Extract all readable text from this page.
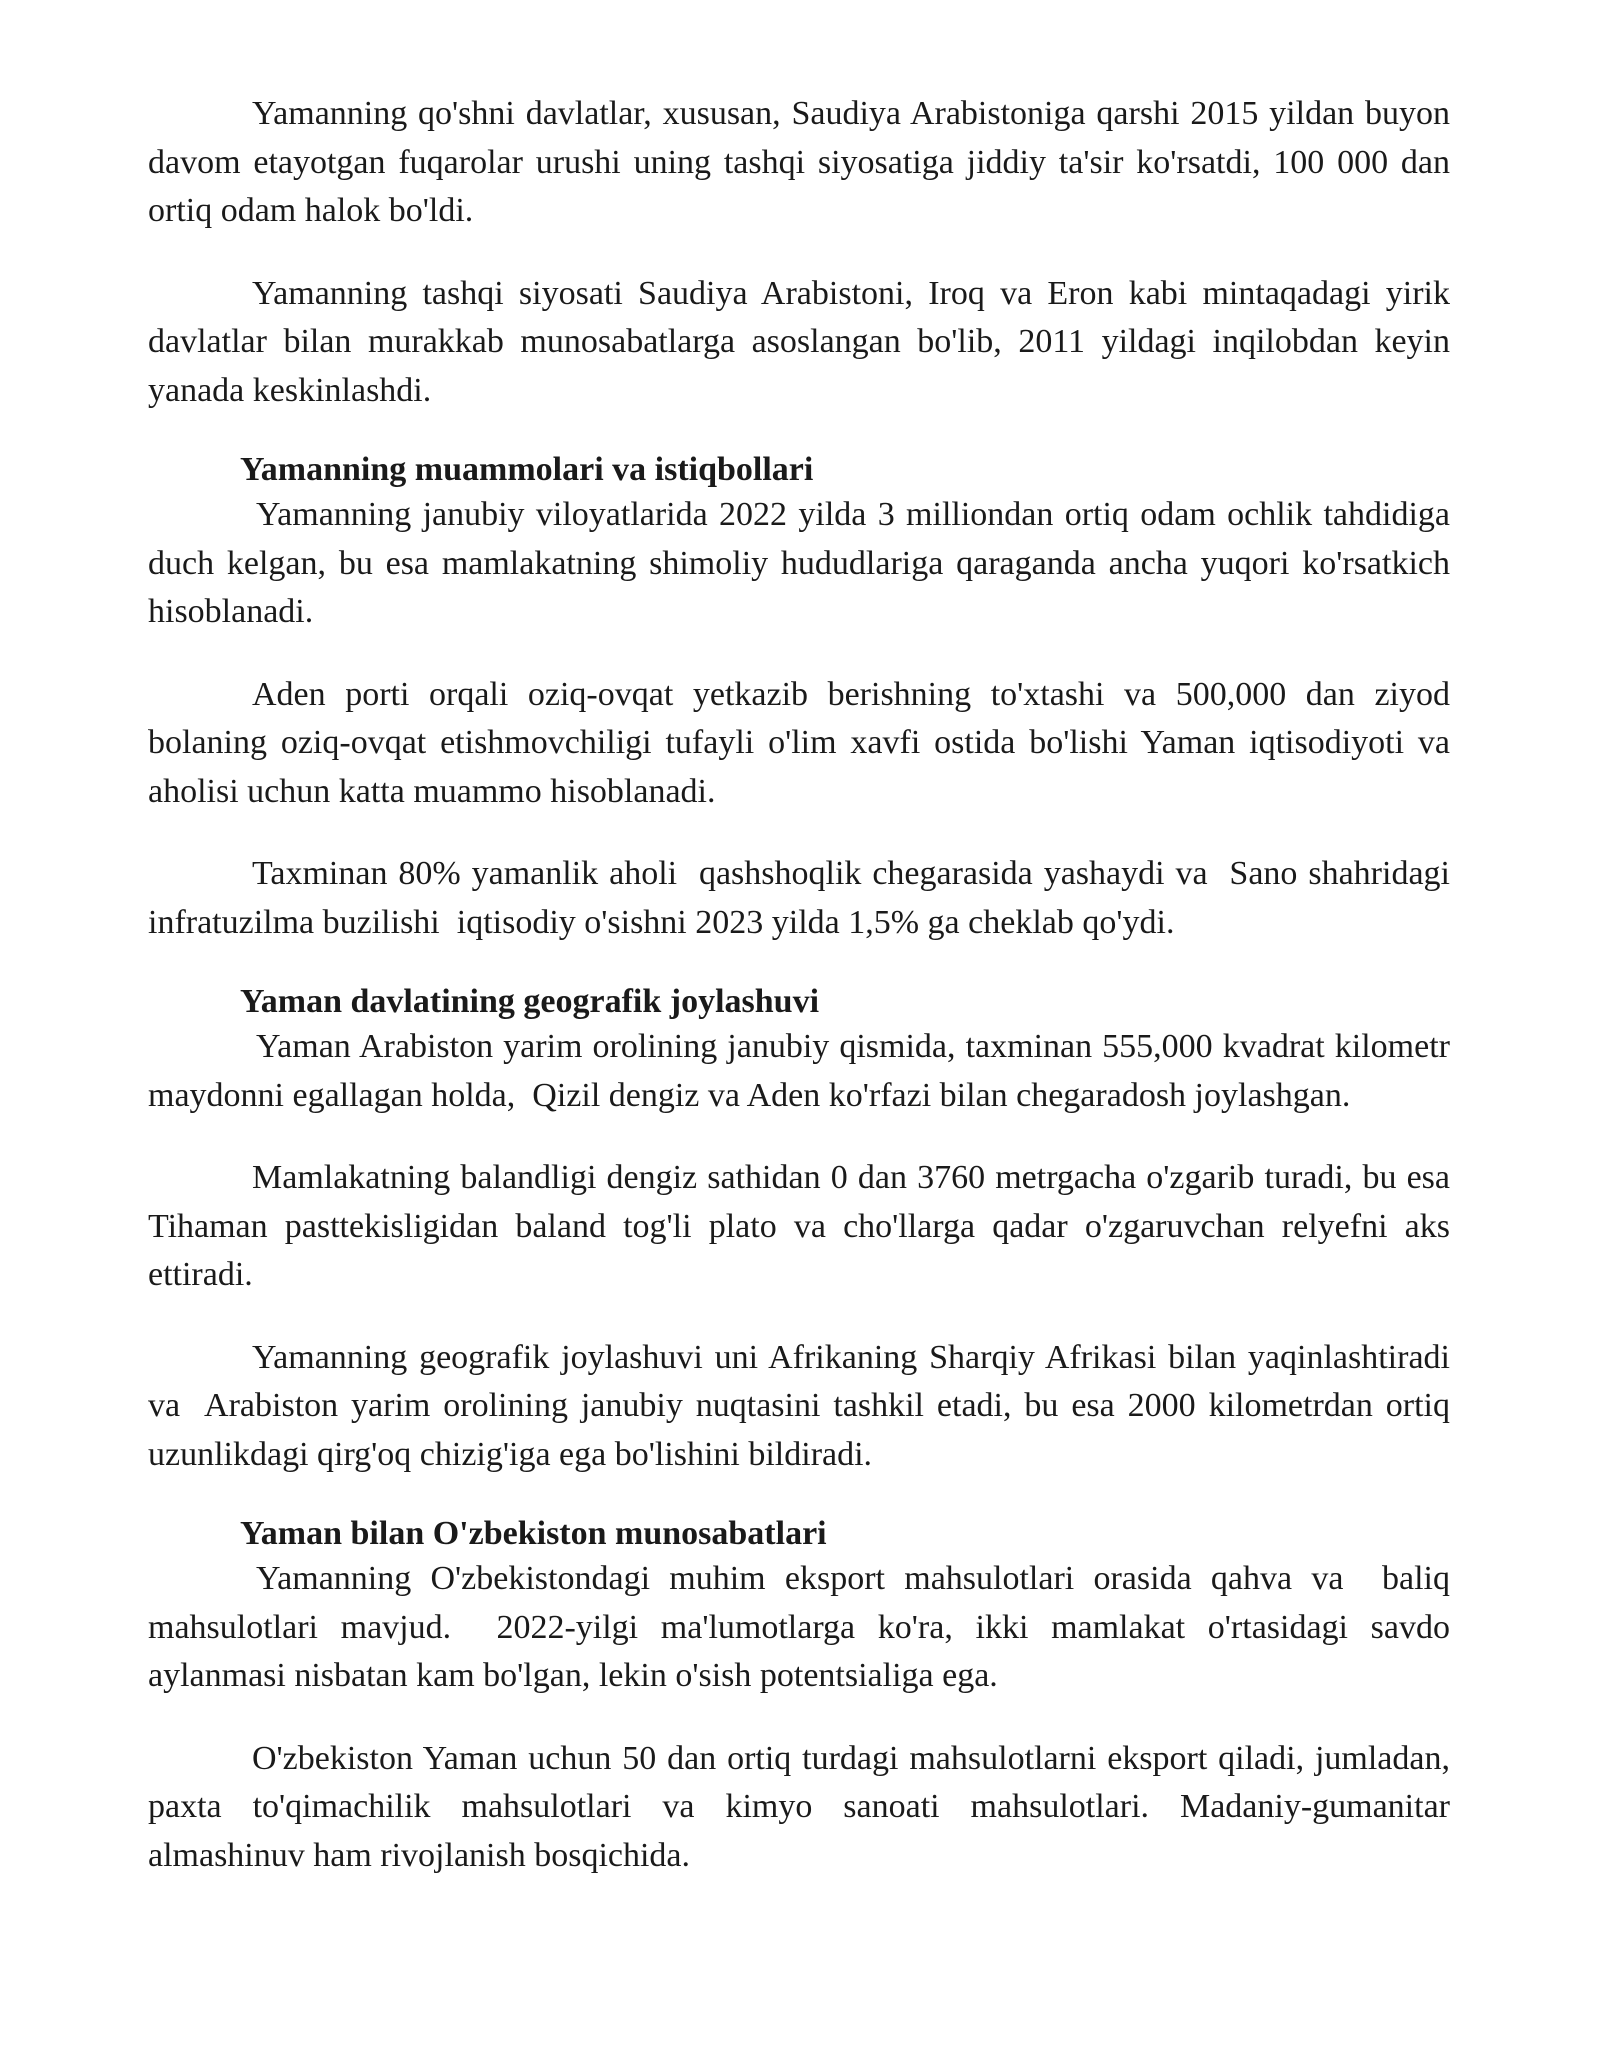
Yamanning qo'shni davlatlar, xususan, Saudiya Arabistoniga qarshi 2015 yildan buyon davom etayotgan fuqarolar urushi uning tashqi siyosatiga jiddiy ta'sir ko'rsatdi, 100 000 dan ortiq odam halok bo'ldi.

Yamanning tashqi siyosati Saudiya Arabistoni, Iroq va Eron kabi mintaqadagi yirik davlatlar bilan murakkab munosabatlarga asoslangan bo'lib, 2011 yildagi inqilobdan keyin yanada keskinlashdi.

Yamanning muammolari va istiqbollari

Yamanning janubiy viloyatlarida 2022 yilda 3 milliondan ortiq odam ochlik tahdidiga duch kelgan, bu esa mamlakatning shimoliy hududlariga qaraganda ancha yuqori ko'rsatkich hisoblanadi.

Aden porti orqali oziq-ovqat yetkazib berishning to'xtashi va 500,000 dan ziyod bolaning oziq-ovqat etishmovchiligi tufayli o'lim xavfi ostida bo'lishi Yaman iqtisodiyoti va aholisi uchun katta muammo hisoblanadi.

Taxminan 80% yamanlik aholi  qashshoqlik chegarasida yashaydi va  Sano shahridagi infratuzilma buzilishi  iqtisodiy o'sishni 2023 yilda 1,5% ga cheklab qo'ydi.

Yaman davlatining geografik joylashuvi

Yaman Arabiston yarim orolining janubiy qismida, taxminan 555,000 kvadrat kilometr maydonni egallagan holda,  Qizil dengiz va Aden ko'rfazi bilan chegaradosh joylashgan.

Mamlakatning balandligi dengiz sathidan 0 dan 3760 metrgacha o'zgarib turadi, bu esa Tihaman pasttekisligidan baland tog'li plato va cho'llarga qadar o'zgaruvchan relyefni aks ettiradi.

Yamanning geografik joylashuvi uni Afrikaning Sharqiy Afrikasi bilan yaqinlashtiradi va  Arabiston yarim orolining janubiy nuqtasini tashkil etadi, bu esa 2000 kilometrdan ortiq uzunlikdagi qirg'oq chizig'iga ega bo'lishini bildiradi.

Yaman bilan O'zbekiston munosabatlari

Yamanning O'zbekistondagi muhim eksport mahsulotlari orasida qahva va  baliq mahsulotlari mavjud.  2022-yilgi ma'lumotlarga ko'ra, ikki mamlakat o'rtasidagi savdo aylanmasi nisbatan kam bo'lgan, lekin o'sish potentsialiga ega.

O'zbekiston Yaman uchun 50 dan ortiq turdagi mahsulotlarni eksport qiladi, jumladan,  paxta to'qimachilik mahsulotlari va kimyo sanoati mahsulotlari. Madaniy-gumanitar almashinuv ham rivojlanish bosqichida.
